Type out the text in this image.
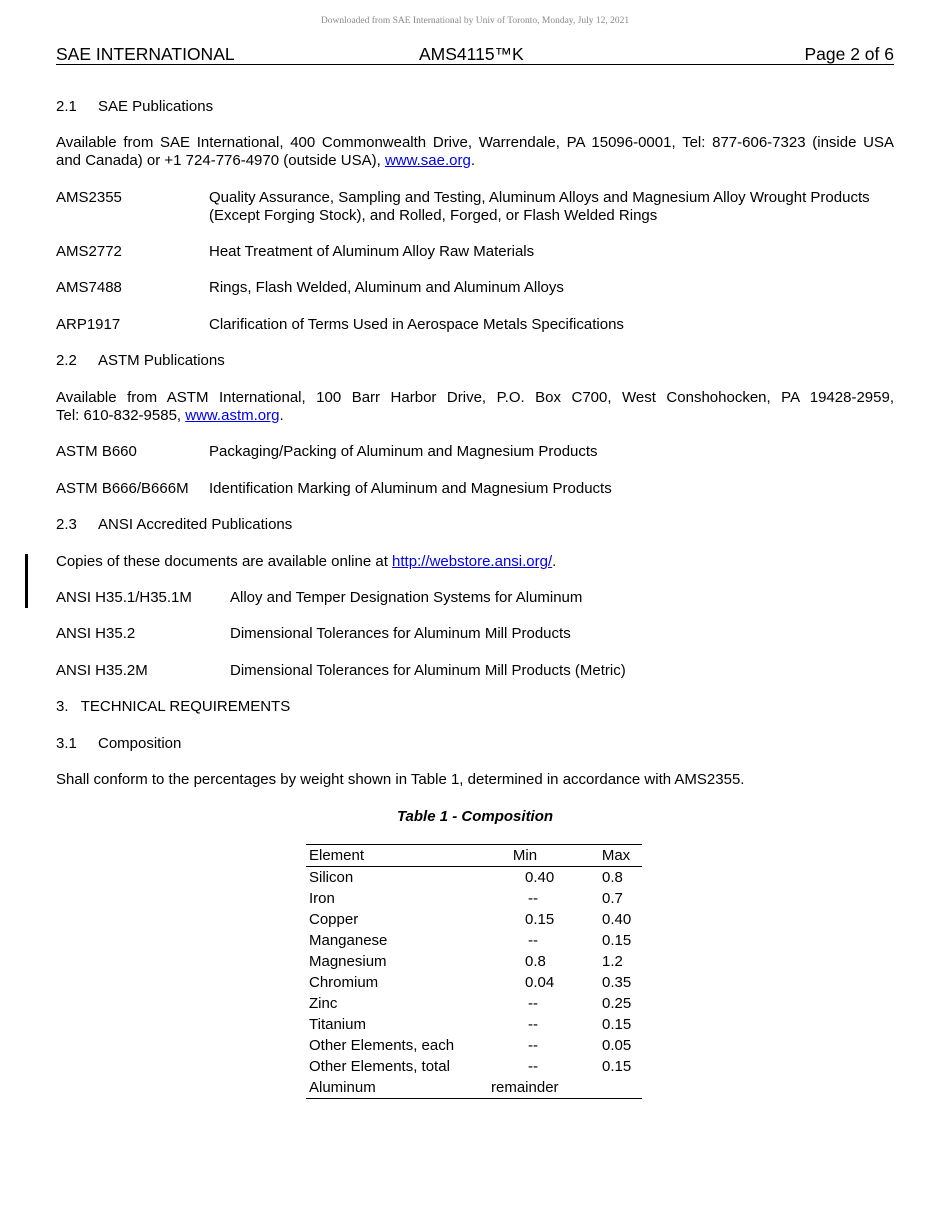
Downloaded from SAE International by Univ of Toronto, Monday, July 12, 2021
SAE INTERNATIONAL	AMS4115™K	Page 2 of 6
2.1 SAE Publications
Available from SAE International, 400 Commonwealth Drive, Warrendale, PA 15096-0001, Tel: 877-606-7323 (inside USA
and Canada) or +1 724-776-4970 (outside USA), www.sae.org.
AMS2355	Quality Assurance, Sampling and Testing, Aluminum Alloys and Magnesium Alloy Wrought Products (Except Forging Stock), and Rolled, Forged, or Flash Welded Rings
AMS2772	Heat Treatment of Aluminum Alloy Raw Materials
AMS7488	Rings, Flash Welded, Aluminum and Aluminum Alloys
ARP1917	Clarification of Terms Used in Aerospace Metals Specifications
2.2 ASTM Publications
Available from ASTM International, 100 Barr Harbor Drive, P.O. Box C700, West Conshohocken, PA 19428-2959,
Tel: 610-832-9585, www.astm.org.
ASTM B660	Packaging/Packing of Aluminum and Magnesium Products
ASTM B666/B666M Identification Marking of Aluminum and Magnesium Products
2.3 ANSI Accredited Publications
Copies of these documents are available online at http://webstore.ansi.org/.
ANSI H35.1/H35.1M	Alloy and Temper Designation Systems for Aluminum
ANSI H35.2	Dimensional Tolerances for Aluminum Mill Products
ANSI H35.2M	Dimensional Tolerances for Aluminum Mill Products (Metric)
3.   TECHNICAL REQUIREMENTS
3.1 Composition
Shall conform to the percentages by weight shown in Table 1, determined in accordance with AMS2355.
Table 1 - Composition
Element	Min	Max
Silicon	0.40	0.8
Iron	--	0.7
Copper	0.15	0.40
Manganese	--	0.15
Magnesium	0.8	1.2
Chromium	0.04	0.35
Zinc	--	0.25
Titanium	--	0.15
Other Elements, each	--	0.05
Other Elements, total	--	0.15
Aluminum	remainder
